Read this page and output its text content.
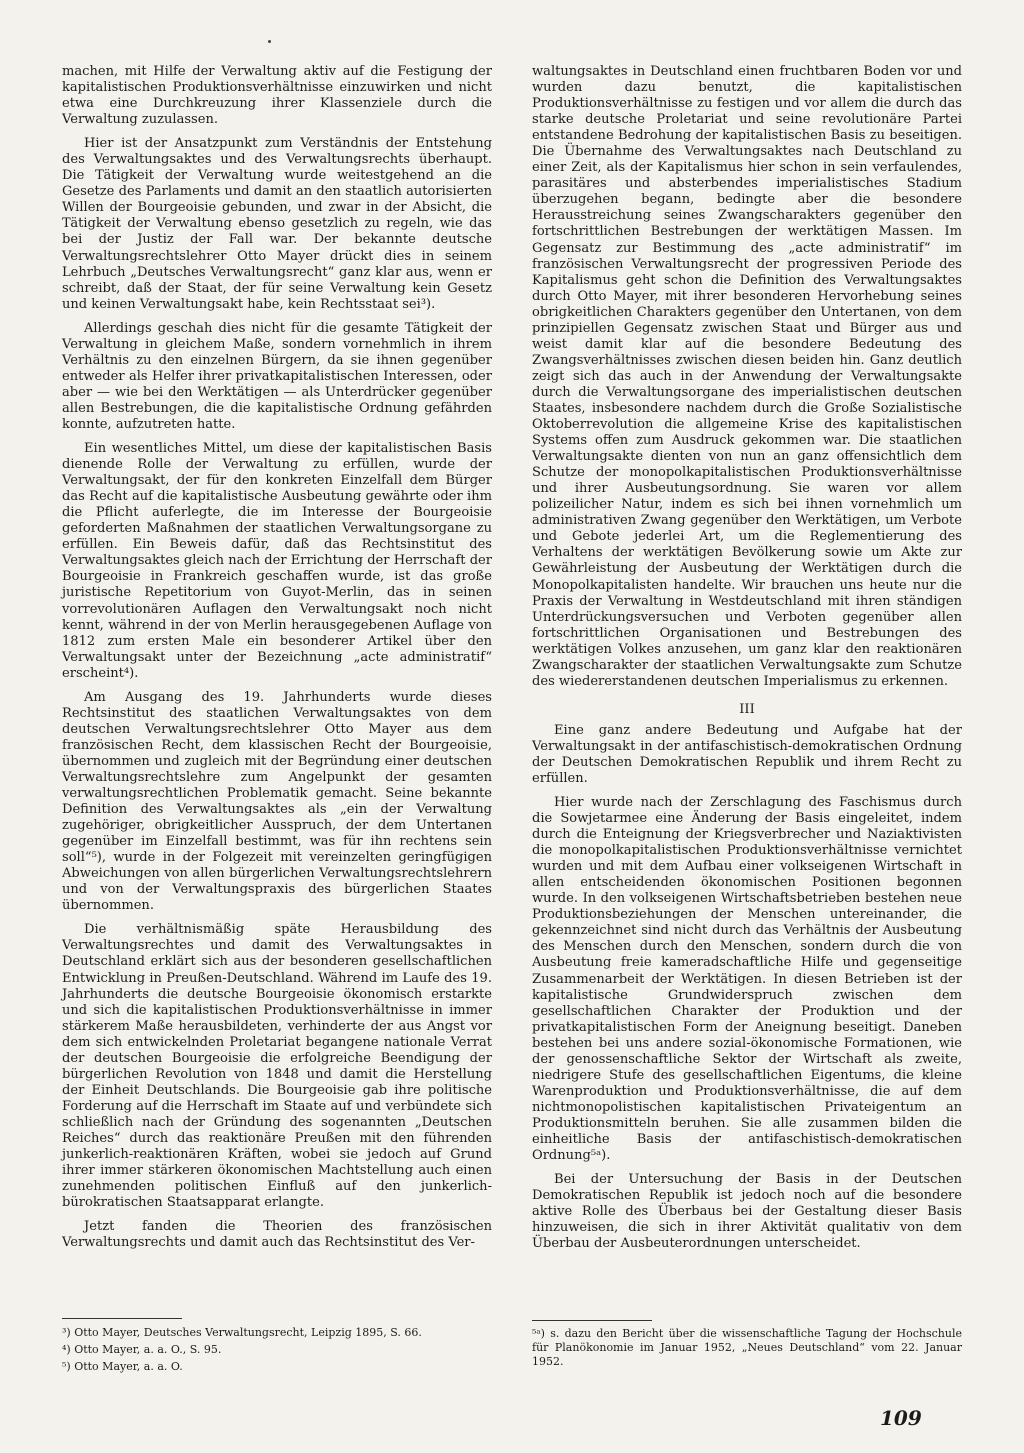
machen, mit Hilfe der Verwaltung aktiv auf die Festigung der kapitalistischen Produktionsverhältnisse einzuwirken und nicht etwa eine Durchkreuzung ihrer Klassenziele durch die Verwaltung zuzulassen.

Hier ist der Ansatzpunkt zum Verständnis der Entstehung des Verwaltungsaktes und des Verwaltungsrechts überhaupt. Die Tätigkeit der Verwaltung wurde weitestgehend an die Gesetze des Parlaments und damit an den staatlich autorisierten Willen der Bourgeoisie gebunden, und zwar in der Absicht, die Tätigkeit der Verwaltung ebenso gesetzlich zu regeln, wie das bei der Justiz der Fall war. Der bekannte deutsche Verwaltungsrechtslehrer Otto Mayer drückt dies in seinem Lehrbuch „Deutsches Verwaltungsrecht“ ganz klar aus, wenn er schreibt, daß der Staat, der für seine Verwaltung kein Gesetz und keinen Verwaltungsakt habe, kein Rechtsstaat sei³).

Allerdings geschah dies nicht für die gesamte Tätigkeit der Verwaltung in gleichem Maße, sondern vornehmlich in ihrem Verhältnis zu den einzelnen Bürgern, da sie ihnen gegenüber entweder als Helfer ihrer privatkapitalistischen Interessen, oder aber — wie bei den Werktätigen — als Unterdrücker gegenüber allen Bestrebungen, die die kapitalistische Ordnung gefährden konnte, aufzutreten hatte.

Ein wesentliches Mittel, um diese der kapitalistischen Basis dienende Rolle der Verwaltung zu erfüllen, wurde der Verwaltungsakt, der für den konkreten Einzelfall dem Bürger das Recht auf die kapitalistische Ausbeutung gewährte oder ihm die Pflicht auferlegte, die im Interesse der Bourgeoisie geforderten Maßnahmen der staatlichen Verwaltungsorgane zu erfüllen. Ein Beweis dafür, daß das Rechtsinstitut des Verwaltungsaktes gleich nach der Errichtung der Herrschaft der Bourgeoisie in Frankreich geschaffen wurde, ist das große juristische Repetitorium von Guyot-Merlin, das in seinen vorrevolutionären Auflagen den Verwaltungsakt noch nicht kennt, während in der von Merlin herausgegebenen Auflage von 1812 zum ersten Male ein besonderer Artikel über den Verwaltungsakt unter der Bezeichnung „acte administratif“ erscheint⁴).

Am Ausgang des 19. Jahrhunderts wurde dieses Rechtsinstitut des staatlichen Verwaltungsaktes von dem deutschen Verwaltungsrechtslehrer Otto Mayer aus dem französischen Recht, dem klassischen Recht der Bourgeoisie, übernommen und zugleich mit der Begründung einer deutschen Verwaltungsrechtslehre zum Angelpunkt der gesamten verwaltungsrechtlichen Problematik gemacht. Seine bekannte Definition des Verwaltungsaktes als „ein der Verwaltung zugehöriger, obrigkeitlicher Ausspruch, der dem Untertanen gegenüber im Einzelfall bestimmt, was für ihn rechtens sein soll“⁵), wurde in der Folgezeit mit vereinzelten geringfügigen Abweichungen von allen bürgerlichen Verwaltungsrechtslehrern und von der Verwaltungspraxis des bürgerlichen Staates übernommen.

Die verhältnismäßig späte Herausbildung des Verwaltungsrechtes und damit des Verwaltungsaktes in Deutschland erklärt sich aus der besonderen gesellschaftlichen Entwicklung in Preußen-Deutschland. Während im Laufe des 19. Jahrhunderts die deutsche Bourgeoisie ökonomisch erstarkte und sich die kapitalistischen Produktionsverhältnisse in immer stärkerem Maße herausbildeten, verhinderte der aus Angst vor dem sich entwickelnden Proletariat begangene nationale Verrat der deutschen Bourgeoisie die erfolgreiche Beendigung der bürgerlichen Revolution von 1848 und damit die Herstellung der Einheit Deutschlands. Die Bourgeoisie gab ihre politische Forderung auf die Herrschaft im Staate auf und verbündete sich schließlich nach der Gründung des sogenannten „Deutschen Reiches“ durch das reaktionäre Preußen mit den führenden junkerlich-reaktionären Kräften, wobei sie jedoch auf Grund ihrer immer stärkeren ökonomischen Machtstellung auch einen zunehmenden politischen Einfluß auf den junkerlich-bürokratischen Staatsapparat erlangte.

Jetzt fanden die Theorien des französischen Verwaltungsrechts und damit auch das Rechtsinstitut des Ver-

³) Otto Mayer, Deutsches Verwaltungsrecht, Leipzig 1895, S. 66.

⁴) Otto Mayer, a. a. O., S. 95.

⁵) Otto Mayer, a. a. O.

waltungsaktes in Deutschland einen fruchtbaren Boden vor und wurden dazu benutzt, die kapitalistischen Produktionsverhältnisse zu festigen und vor allem die durch das starke deutsche Proletariat und seine revolutionäre Partei entstandene Bedrohung der kapitalistischen Basis zu beseitigen. Die Übernahme des Verwaltungsaktes nach Deutschland zu einer Zeit, als der Kapitalismus hier schon in sein verfaulendes, parasitäres und absterbendes imperialistisches Stadium überzugehen begann, bedingte aber die besondere Herausstreichung seines Zwangscharakters gegenüber den fortschrittlichen Bestrebungen der werktätigen Massen. Im Gegensatz zur Bestimmung des „acte administratif“ im französischen Verwaltungsrecht der progressiven Periode des Kapitalismus geht schon die Definition des Verwaltungsaktes durch Otto Mayer, mit ihrer besonderen Hervorhebung seines obrigkeitlichen Charakters gegenüber den Untertanen, von dem prinzipiellen Gegensatz zwischen Staat und Bürger aus und weist damit klar auf die besondere Bedeutung des Zwangsverhältnisses zwischen diesen beiden hin. Ganz deutlich zeigt sich das auch in der Anwendung der Verwaltungsakte durch die Verwaltungsorgane des imperialistischen deutschen Staates, insbesondere nachdem durch die Große Sozialistische Oktoberrevolution die allgemeine Krise des kapitalistischen Systems offen zum Ausdruck gekommen war. Die staatlichen Verwaltungsakte dienten von nun an ganz offensichtlich dem Schutze der monopolkapitalistischen Produktionsverhältnisse und ihrer Ausbeutungsordnung. Sie waren vor allem polizeilicher Natur, indem es sich bei ihnen vornehmlich um administrativen Zwang gegenüber den Werktätigen, um Verbote und Gebote jederlei Art, um die Reglementierung des Verhaltens der werktätigen Bevölkerung sowie um Akte zur Gewährleistung der Ausbeutung der Werktätigen durch die Monopolkapitalisten handelte. Wir brauchen uns heute nur die Praxis der Verwaltung in Westdeutschland mit ihren ständigen Unterdrückungsversuchen und Verboten gegenüber allen fortschrittlichen Organisationen und Bestrebungen des werktätigen Volkes anzusehen, um ganz klar den reaktionären Zwangscharakter der staatlichen Verwaltungsakte zum Schutze des wiedererstandenen deutschen Imperialismus zu erkennen.

III

Eine ganz andere Bedeutung und Aufgabe hat der Verwaltungsakt in der antifaschistisch-demokratischen Ordnung der Deutschen Demokratischen Republik und ihrem Recht zu erfüllen.

Hier wurde nach der Zerschlagung des Faschismus durch die Sowjetarmee eine Änderung der Basis eingeleitet, indem durch die Enteignung der Kriegsverbrecher und Naziaktivisten die monopolkapitalistischen Produktionsverhältnisse vernichtet wurden und mit dem Aufbau einer volkseigenen Wirtschaft in allen entscheidenden ökonomischen Positionen begonnen wurde. In den volkseigenen Wirtschaftsbetrieben bestehen neue Produktionsbeziehungen der Menschen untereinander, die gekennzeichnet sind nicht durch das Verhältnis der Ausbeutung des Menschen durch den Menschen, sondern durch die von Ausbeutung freie kameradschaftliche Hilfe und gegenseitige Zusammenarbeit der Werktätigen. In diesen Betrieben ist der kapitalistische Grundwiderspruch zwischen dem gesellschaftlichen Charakter der Produktion und der privatkapitalistischen Form der Aneignung beseitigt. Daneben bestehen bei uns andere sozial-ökonomische Formationen, wie der genossenschaftliche Sektor der Wirtschaft als zweite, niedrigere Stufe des gesellschaftlichen Eigentums, die kleine Warenproduktion und Produktionsverhältnisse, die auf dem nichtmonopolistischen kapitalistischen Privateigentum an Produktionsmitteln beruhen. Sie alle zusammen bilden die einheitliche Basis der antifaschistisch-demokratischen Ordnung⁵ᵃ).

Bei der Untersuchung der Basis in der Deutschen Demokratischen Republik ist jedoch noch auf die besondere aktive Rolle des Überbaus bei der Gestaltung dieser Basis hinzuweisen, die sich in ihrer Aktivität qualitativ von dem Überbau der Ausbeuterordnungen unterscheidet.

⁵ᵃ) s. dazu den Bericht über die wissenschaftliche Tagung der Hochschule für Planökonomie im Januar 1952, „Neues Deutschland“ vom 22. Januar 1952.

109
